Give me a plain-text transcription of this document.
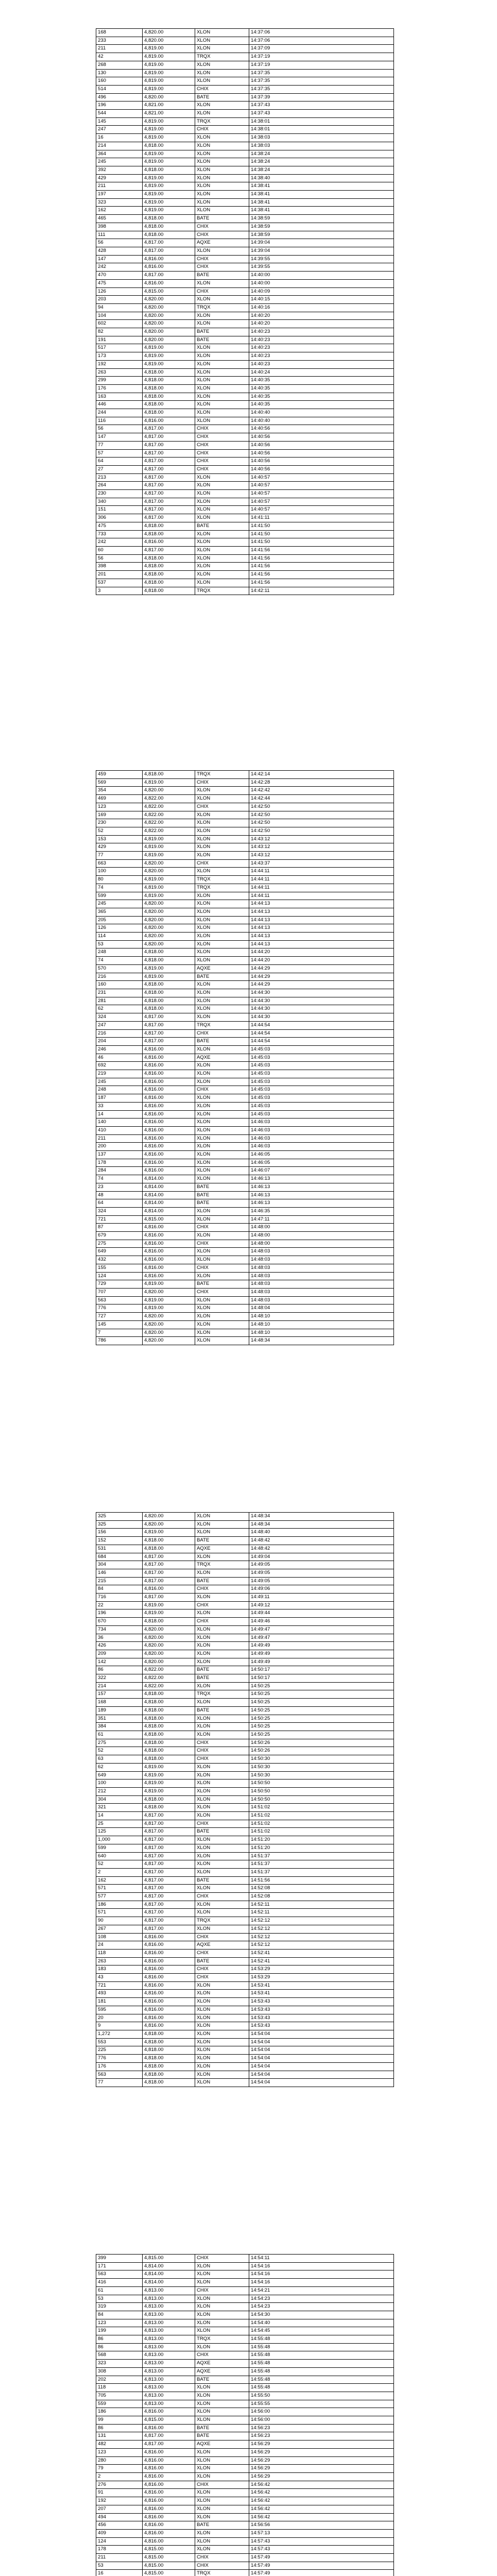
168	4,820.00	XLON	14:37:06
233	4,820.00	XLON	14:37:06
211	4,819.00	XLON	14:37:09
42	4,819.00	TRQX	14:37:19
268	4,819.00	XLON	14:37:19
130	4,819.00	XLON	14:37:35
160	4,819.00	XLON	14:37:35
514	4,819.00	CHIX	14:37:35
496	4,820.00	BATE	14:37:39
196	4,821.00	XLON	14:37:43
544	4,821.00	XLON	14:37:43
145	4,819.00	TRQX	14:38:01
247	4,819.00	CHIX	14:38:01
16	4,819.00	XLON	14:38:03
214	4,818.00	XLON	14:38:03
364	4,819.00	XLON	14:38:24
245	4,819.00	XLON	14:38:24
392	4,818.00	XLON	14:38:24
429	4,819.00	XLON	14:38:40
211	4,819.00	XLON	14:38:41
197	4,819.00	XLON	14:38:41
323	4,819.00	XLON	14:38:41
162	4,819.00	XLON	14:38:41
465	4,818.00	BATE	14:38:59
398	4,818.00	CHIX	14:38:59
111	4,818.00	CHIX	14:38:59
56	4,817.00	AQXE	14:39:04
428	4,817.00	XLON	14:39:04
147	4,816.00	CHIX	14:39:55
242	4,816.00	CHIX	14:39:55
470	4,817.00	BATE	14:40:00
475	4,816.00	XLON	14:40:00
126	4,815.00	CHIX	14:40:09
203	4,820.00	XLON	14:40:15
94	4,820.00	TRQX	14:40:16
104	4,820.00	XLON	14:40:20
602	4,820.00	XLON	14:40:20
82	4,820.00	BATE	14:40:23
191	4,820.00	BATE	14:40:23
517	4,819.00	XLON	14:40:23
173	4,819.00	XLON	14:40:23
192	4,819.00	XLON	14:40:23
263	4,818.00	XLON	14:40:24
299	4,818.00	XLON	14:40:35
176	4,818.00	XLON	14:40:35
163	4,818.00	XLON	14:40:35
446	4,818.00	XLON	14:40:35
244	4,818.00	XLON	14:40:40
116	4,816.00	XLON	14:40:40
56	4,817.00	CHIX	14:40:56
147	4,817.00	CHIX	14:40:56
77	4,817.00	CHIX	14:40:56
57	4,817.00	CHIX	14:40:56
64	4,817.00	CHIX	14:40:56
27	4,817.00	CHIX	14:40:56
213	4,817.00	XLON	14:40:57
264	4,817.00	XLON	14:40:57
230	4,817.00	XLON	14:40:57
340	4,817.00	XLON	14:40:57
151	4,817.00	XLON	14:40:57
306	4,817.00	XLON	14:41:11
475	4,818.00	BATE	14:41:50
733	4,818.00	XLON	14:41:50
242	4,816.00	XLON	14:41:50
60	4,817.00	XLON	14:41:56
56	4,818.00	XLON	14:41:56
398	4,818.00	XLON	14:41:56
201	4,818.00	XLON	14:41:56
537	4,818.00	XLON	14:41:56
3	4,818.00	TRQX	14:42:11
459	4,818.00	TRQX	14:42:14
569	4,819.00	CHIX	14:42:28
354	4,820.00	XLON	14:42:42
469	4,822.00	XLON	14:42:44
123	4,822.00	CHIX	14:42:50
169	4,822.00	XLON	14:42:50
230	4,822.00	XLON	14:42:50
52	4,822.00	XLON	14:42:50
153	4,819.00	XLON	14:43:12
429	4,819.00	XLON	14:43:12
77	4,819.00	XLON	14:43:12
663	4,820.00	CHIX	14:43:37
100	4,820.00	XLON	14:44:11
80	4,819.00	TRQX	14:44:11
74	4,819.00	TRQX	14:44:11
599	4,819.00	XLON	14:44:11
245	4,820.00	XLON	14:44:13
365	4,820.00	XLON	14:44:13
205	4,820.00	XLON	14:44:13
126	4,820.00	XLON	14:44:13
114	4,820.00	XLON	14:44:13
53	4,820.00	XLON	14:44:13
248	4,818.00	XLON	14:44:20
74	4,818.00	XLON	14:44:20
570	4,819.00	AQXE	14:44:29
216	4,819.00	BATE	14:44:29
160	4,818.00	XLON	14:44:29
231	4,818.00	XLON	14:44:30
281	4,818.00	XLON	14:44:30
62	4,818.00	XLON	14:44:30
324	4,817.00	XLON	14:44:30
247	4,817.00	TRQX	14:44:54
216	4,817.00	CHIX	14:44:54
204	4,817.00	BATE	14:44:54
246	4,816.00	XLON	14:45:03
46	4,816.00	AQXE	14:45:03
692	4,816.00	XLON	14:45:03
219	4,816.00	XLON	14:45:03
245	4,816.00	XLON	14:45:03
248	4,816.00	CHIX	14:45:03
187	4,816.00	XLON	14:45:03
33	4,816.00	XLON	14:45:03
14	4,816.00	XLON	14:45:03
140	4,816.00	XLON	14:46:03
410	4,816.00	XLON	14:46:03
211	4,816.00	XLON	14:46:03
200	4,816.00	XLON	14:46:03
137	4,816.00	XLON	14:46:05
178	4,816.00	XLON	14:46:05
284	4,816.00	XLON	14:46:07
74	4,814.00	XLON	14:46:13
23	4,814.00	BATE	14:46:13
48	4,814.00	BATE	14:46:13
64	4,814.00	BATE	14:46:13
324	4,814.00	XLON	14:46:35
721	4,815.00	XLON	14:47:11
87	4,816.00	CHIX	14:48:00
679	4,816.00	XLON	14:48:00
275	4,816.00	CHIX	14:48:00
649	4,816.00	XLON	14:48:03
432	4,816.00	XLON	14:48:03
155	4,816.00	CHIX	14:48:03
124	4,816.00	XLON	14:48:03
729	4,819.00	BATE	14:48:03
707	4,820.00	CHIX	14:48:03
563	4,819.00	XLON	14:48:03
776	4,819.00	XLON	14:48:04
727	4,820.00	XLON	14:48:10
145	4,820.00	XLON	14:48:10
7	4,820.00	XLON	14:48:10
786	4,820.00	XLON	14:48:34
325	4,820.00	XLON	14:48:34
325	4,820.00	XLON	14:48:34
156	4,819.00	XLON	14:48:40
152	4,818.00	BATE	14:48:42
531	4,818.00	AQXE	14:48:42
684	4,817.00	XLON	14:49:04
304	4,817.00	TRQX	14:49:05
146	4,817.00	XLON	14:49:05
215	4,817.00	BATE	14:49:05
84	4,816.00	CHIX	14:49:06
716	4,817.00	XLON	14:49:11
22	4,819.00	CHIX	14:49:12
196	4,819.00	XLON	14:49:44
670	4,818.00	CHIX	14:49:46
734	4,820.00	XLON	14:49:47
36	4,820.00	XLON	14:49:47
426	4,820.00	XLON	14:49:49
209	4,820.00	XLON	14:49:49
142	4,820.00	XLON	14:49:49
86	4,822.00	BATE	14:50:17
322	4,822.00	BATE	14:50:17
214	4,822.00	XLON	14:50:25
157	4,818.00	TRQX	14:50:25
168	4,818.00	XLON	14:50:25
189	4,818.00	BATE	14:50:25
351	4,818.00	XLON	14:50:25
384	4,818.00	XLON	14:50:25
61	4,818.00	XLON	14:50:25
275	4,818.00	CHIX	14:50:26
52	4,818.00	CHIX	14:50:26
63	4,818.00	CHIX	14:50:30
62	4,819.00	XLON	14:50:30
649	4,819.00	XLON	14:50:30
100	4,819.00	XLON	14:50:50
212	4,819.00	XLON	14:50:50
304	4,818.00	XLON	14:50:50
321	4,818.00	XLON	14:51:02
14	4,817.00	XLON	14:51:02
25	4,817.00	CHIX	14:51:02
125	4,817.00	BATE	14:51:02
1,000	4,817.00	XLON	14:51:20
599	4,817.00	XLON	14:51:20
640	4,817.00	XLON	14:51:37
52	4,817.00	XLON	14:51:37
2	4,817.00	XLON	14:51:37
162	4,817.00	BATE	14:51:56
571	4,817.00	XLON	14:52:08
577	4,817.00	CHIX	14:52:08
186	4,817.00	XLON	14:52:11
571	4,817.00	XLON	14:52:11
90	4,817.00	TRQX	14:52:12
267	4,817.00	XLON	14:52:12
108	4,816.00	CHIX	14:52:12
24	4,816.00	AQXE	14:52:12
118	4,816.00	CHIX	14:52:41
263	4,816.00	BATE	14:52:41
183	4,816.00	CHIX	14:53:29
43	4,816.00	CHIX	14:53:29
721	4,816.00	XLON	14:53:41
493	4,816.00	XLON	14:53:41
181	4,816.00	XLON	14:53:43
595	4,816.00	XLON	14:53:43
20	4,816.00	XLON	14:53:43
9	4,816.00	XLON	14:53:43
1,272	4,818.00	XLON	14:54:04
553	4,818.00	XLON	14:54:04
225	4,818.00	XLON	14:54:04
776	4,818.00	XLON	14:54:04
176	4,818.00	XLON	14:54:04
563	4,818.00	XLON	14:54:04
77	4,818.00	XLON	14:54:04
399	4,815.00	CHIX	14:54:11
171	4,814.00	XLON	14:54:16
563	4,814.00	XLON	14:54:16
416	4,814.00	XLON	14:54:16
61	4,813.00	CHIX	14:54:21
53	4,813.00	XLON	14:54:23
319	4,813.00	XLON	14:54:23
84	4,813.00	XLON	14:54:30
123	4,813.00	XLON	14:54:40
199	4,813.00	XLON	14:54:45
86	4,813.00	TRQX	14:55:48
86	4,813.00	XLON	14:55:48
568	4,813.00	CHIX	14:55:48
323	4,813.00	AQXE	14:55:48
308	4,813.00	AQXE	14:55:48
202	4,813.00	BATE	14:55:48
118	4,813.00	XLON	14:55:48
705	4,813.00	XLON	14:55:50
559	4,813.00	XLON	14:55:55
186	4,816.00	XLON	14:56:00
99	4,815.00	XLON	14:56:00
86	4,816.00	BATE	14:56:23
131	4,817.00	BATE	14:56:23
482	4,817.00	AQXE	14:56:29
123	4,816.00	XLON	14:56:29
280	4,816.00	XLON	14:56:29
79	4,816.00	XLON	14:56:29
2	4,816.00	XLON	14:56:29
276	4,816.00	CHIX	14:56:42
91	4,816.00	XLON	14:56:42
192	4,816.00	XLON	14:56:42
207	4,816.00	XLON	14:56:42
494	4,816.00	XLON	14:56:42
456	4,816.00	BATE	14:56:56
409	4,816.00	XLON	14:57:13
124	4,816.00	XLON	14:57:43
178	4,815.00	XLON	14:57:43
211	4,815.00	CHIX	14:57:49
53	4,815.00	CHIX	14:57:49
16	4,815.00	TRQX	14:57:49
